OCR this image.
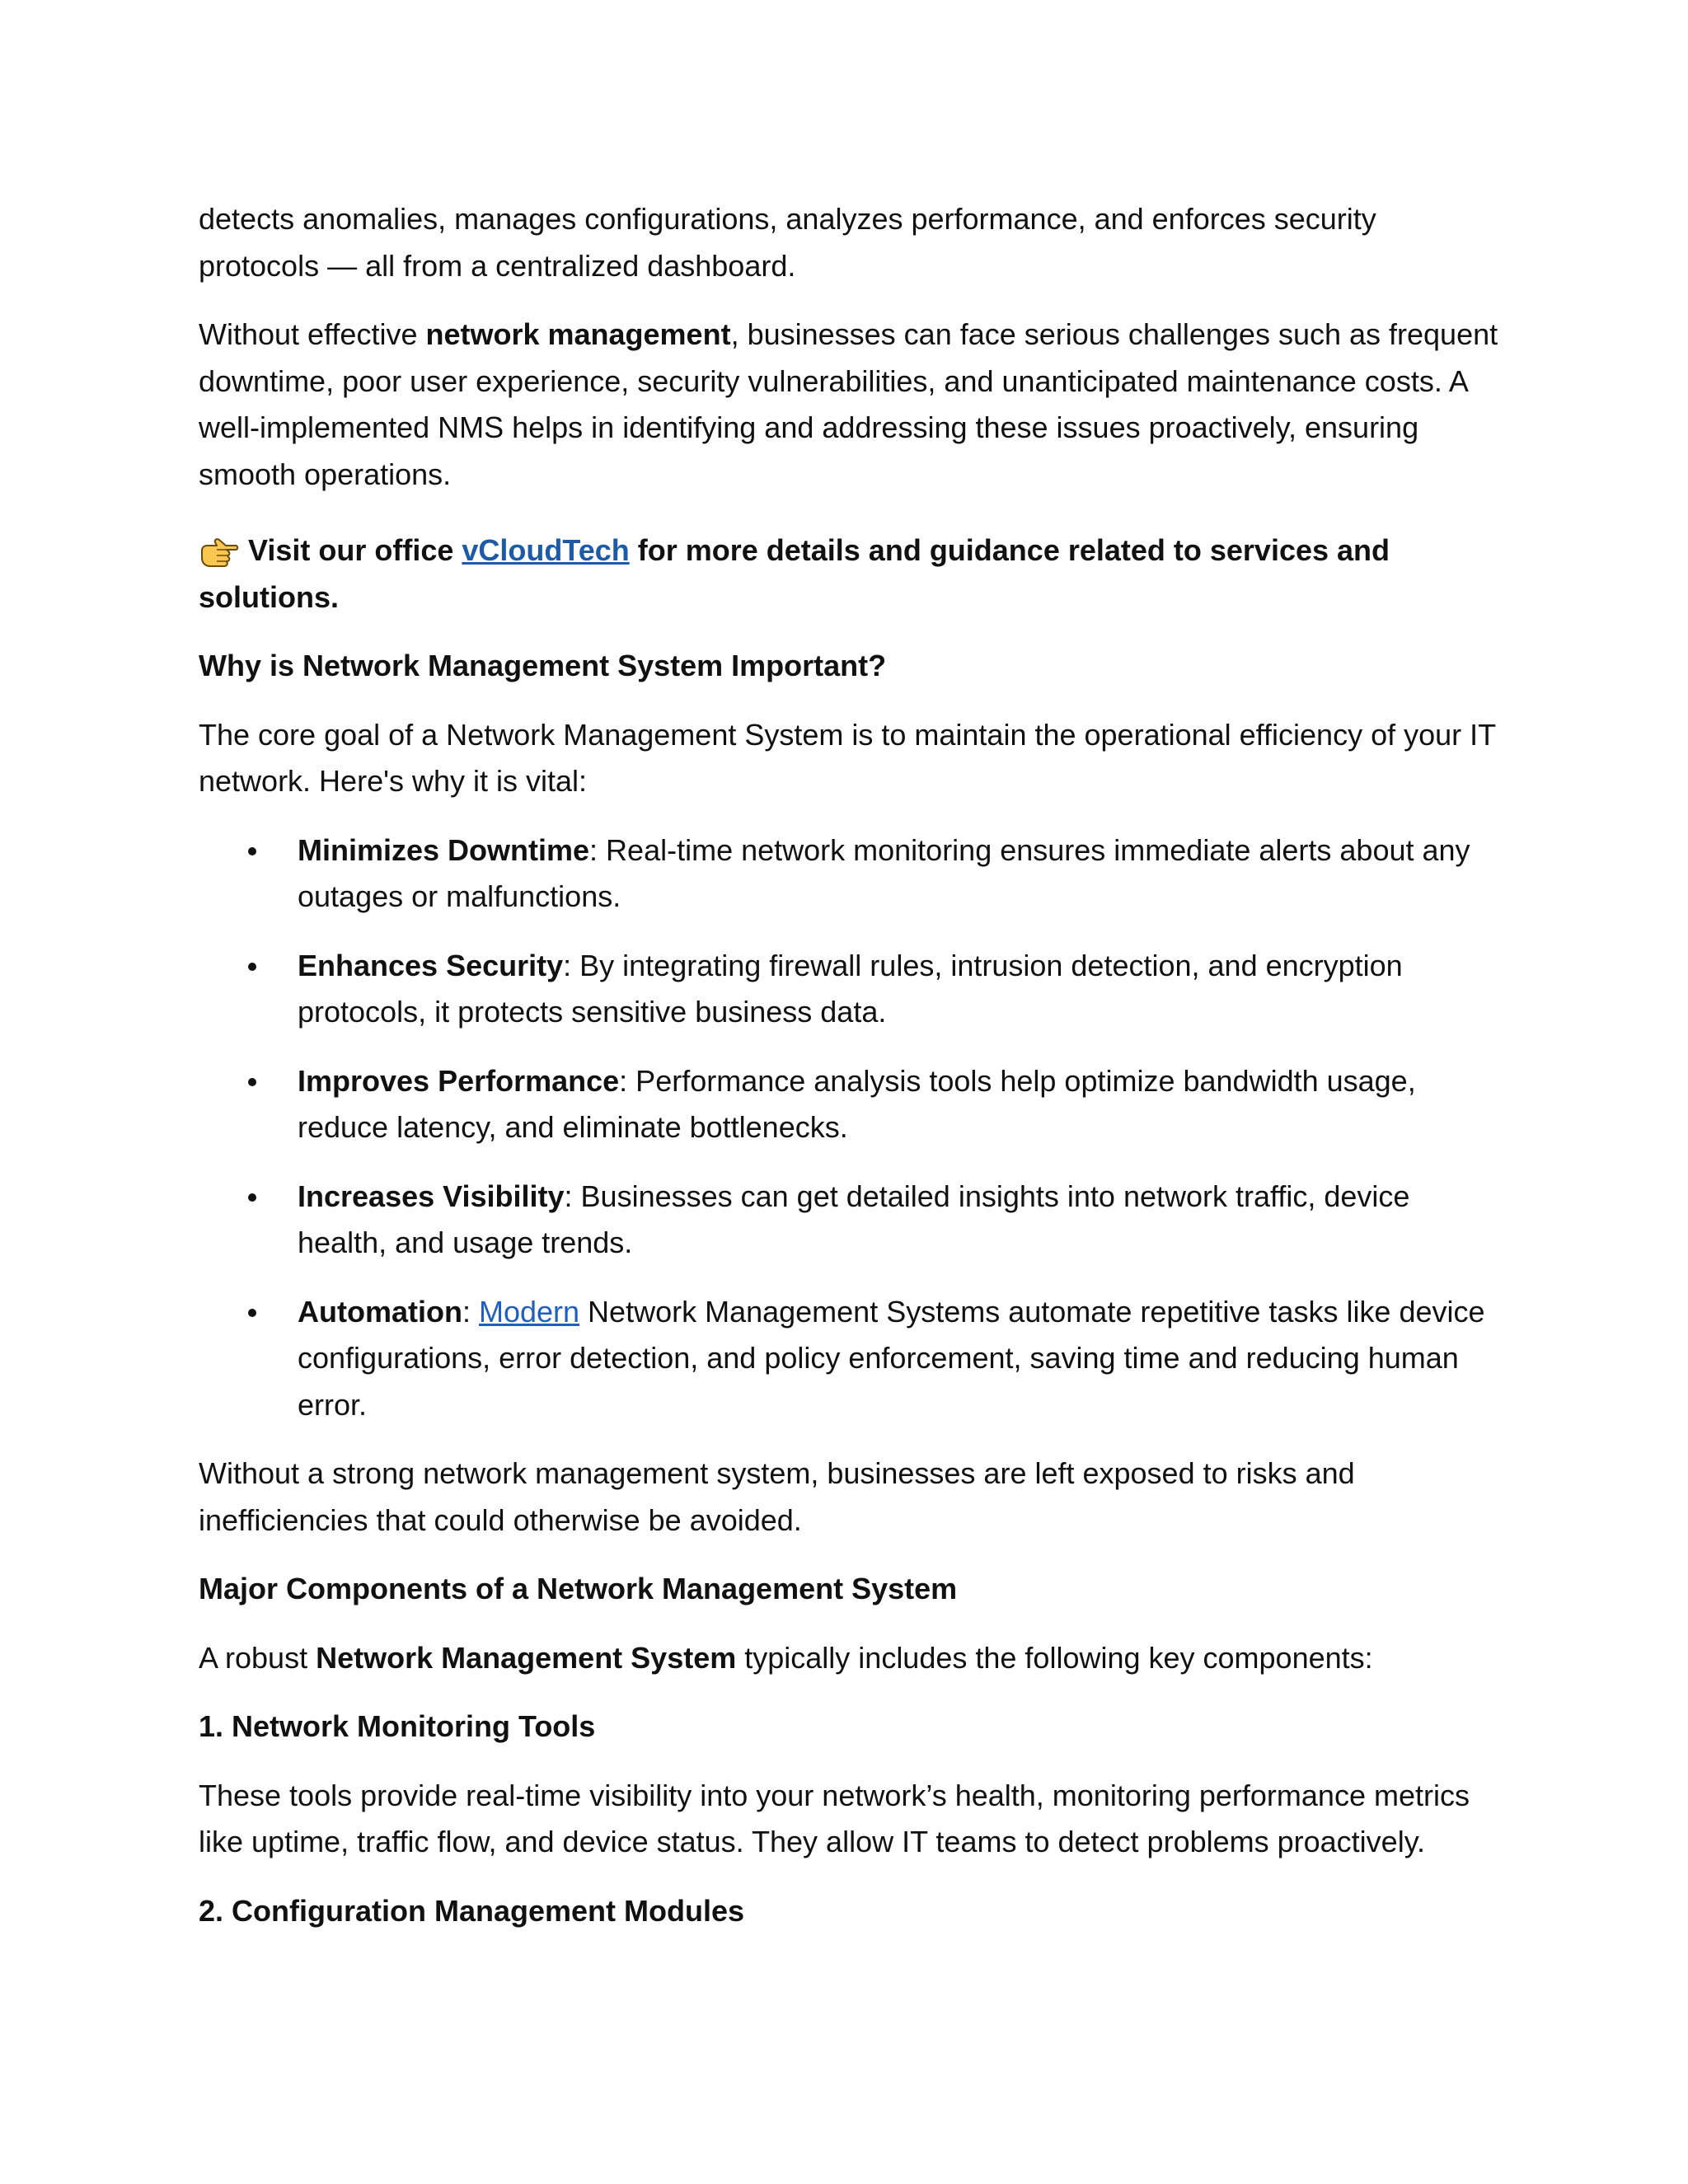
detects anomalies, manages configurations, analyzes performance, and enforces security protocols — all from a centralized dashboard.

Without effective network management, businesses can face serious challenges such as frequent downtime, poor user experience, security vulnerabilities, and unanticipated maintenance costs. A well-implemented NMS helps in identifying and addressing these issues proactively, ensuring smooth operations.

Visit our office vCloudTech for more details and guidance related to services and solutions.

Why is Network Management System Important?

The core goal of a Network Management System is to maintain the operational efficiency of your IT network. Here's why it is vital:

Minimizes Downtime: Real-time network monitoring ensures immediate alerts about any outages or malfunctions.
Enhances Security: By integrating firewall rules, intrusion detection, and encryption protocols, it protects sensitive business data.
Improves Performance: Performance analysis tools help optimize bandwidth usage, reduce latency, and eliminate bottlenecks.
Increases Visibility: Businesses can get detailed insights into network traffic, device health, and usage trends.
Automation: Modern Network Management Systems automate repetitive tasks like device configurations, error detection, and policy enforcement, saving time and reducing human error.

Without a strong network management system, businesses are left exposed to risks and inefficiencies that could otherwise be avoided.

Major Components of a Network Management System

A robust Network Management System typically includes the following key components:

1. Network Monitoring Tools

These tools provide real-time visibility into your network’s health, monitoring performance metrics like uptime, traffic flow, and device status. They allow IT teams to detect problems proactively.

2. Configuration Management Modules
